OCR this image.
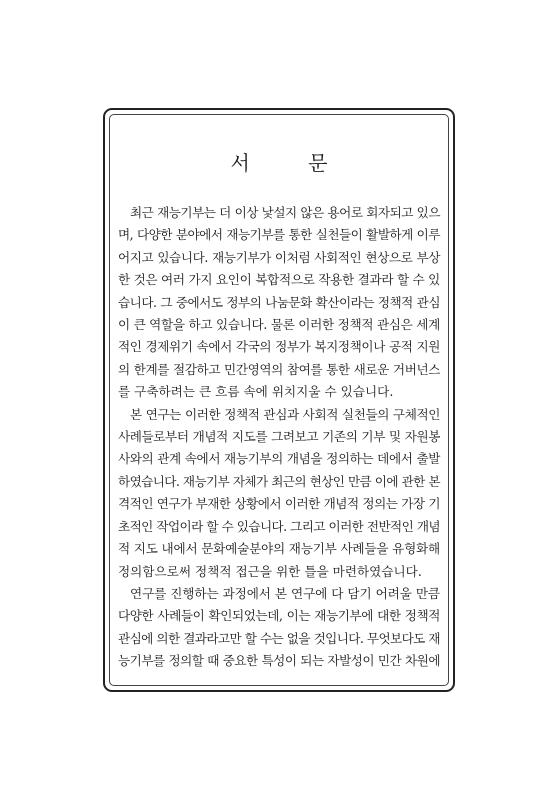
서 문

최근 재능기부는 더 이상 낯설지 않은 용어로 회자되고 있으
며, 다양한 분야에서 재능기부를 통한 실천들이 활발하게 이루
어지고 있습니다. 재능기부가 이처럼 사회적인 현상으로 부상
한 것은 여러 가지 요인이 복합적으로 작용한 결과라 할 수 있
습니다. 그 중에서도 정부의 나눔문화 확산이라는 정책적 관심
이 큰 역할을 하고 있습니다. 물론 이러한 정책적 관심은 세계
적인 경제위기 속에서 각국의 정부가 복지정책이나 공적 지원
의 한계를 절감하고 민간영역의 참여를 통한 새로운 거버넌스
를 구축하려는 큰 흐름 속에 위치지울 수 있습니다.

본 연구는 이러한 정책적 관심과 사회적 실천들의 구체적인
사례들로부터 개념적 지도를 그려보고 기존의 기부 및 자원봉
사와의 관계 속에서 재능기부의 개념을 정의하는 데에서 출발
하였습니다. 재능기부 자체가 최근의 현상인 만큼 이에 관한 본
격적인 연구가 부재한 상황에서 이러한 개념적 정의는 가장 기
초적인 작업이라 할 수 있습니다. 그리고 이러한 전반적인 개념
적 지도 내에서 문화예술분야의 재능기부 사례들을 유형화해
정의함으로써 정책적 접근을 위한 틀을 마련하였습니다.

연구를 진행하는 과정에서 본 연구에 다 담기 어려울 만큼
다양한 사례들이 확인되었는데, 이는 재능기부에 대한 정책적
관심에 의한 결과라고만 할 수는 없을 것입니다. 무엇보다도 재
능기부를 정의할 때 중요한 특성이 되는 자발성이 민간 차원에
